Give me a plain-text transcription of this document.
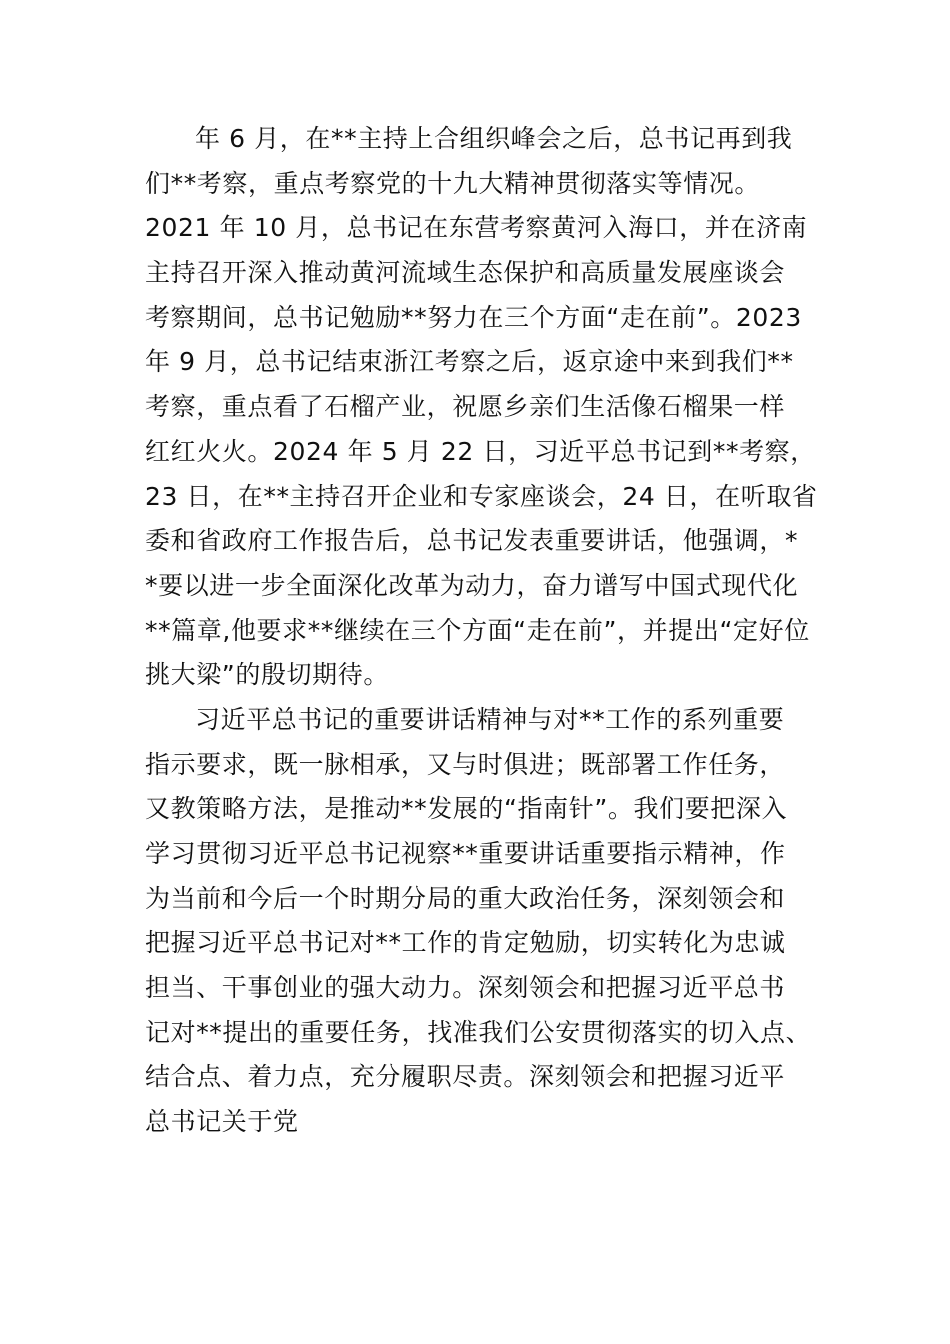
年 6 月，在**主持上合组织峰会之后，总书记再到我
们**考察，重点考察党的十九大精神贯彻落实等情况。
2021 年 10 月，总书记在东营考察黄河入海口，并在济南
主持召开深入推动黄河流域生态保护和高质量发展座谈会
考察期间，总书记勉励**努力在三个方面“走在前”。2023
年 9 月，总书记结束浙江考察之后，返京途中来到我们**
考察，重点看了石榴产业，祝愿乡亲们生活像石榴果一样
红红火火。2024 年 5 月 22 日，习近平总书记到**考察，
23 日，在**主持召开企业和专家座谈会，24 日，在听取省
委和省政府工作报告后，总书记发表重要讲话，他强调，*
*要以进一步全面深化改革为动力，奋力谱写中国式现代化
**篇章,他要求**继续在三个方面“走在前”，并提出“定好位
挑大梁”的殷切期待。
习近平总书记的重要讲话精神与对**工作的系列重要
指示要求，既一脉相承，又与时俱进；既部署工作任务，
又教策略方法，是推动**发展的“指南针”。我们要把深入
学习贯彻习近平总书记视察**重要讲话重要指示精神，作
为当前和今后一个时期分局的重大政治任务，深刻领会和
把握习近平总书记对**工作的肯定勉励，切实转化为忠诚
担当、干事创业的强大动力。深刻领会和把握习近平总书
记对**提出的重要任务，找准我们公安贯彻落实的切入点、
结合点、着力点，充分履职尽责。深刻领会和把握习近平
总书记关于党
